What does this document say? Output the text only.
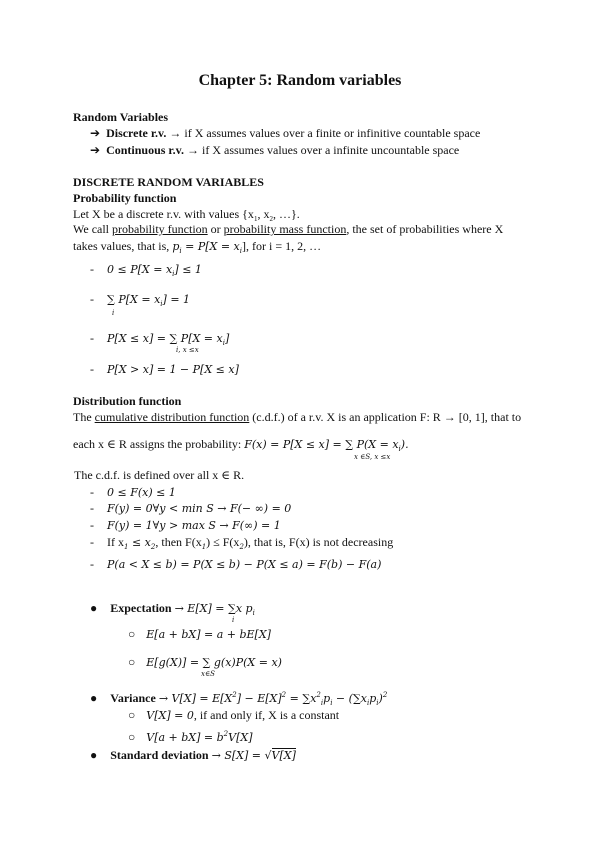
Chapter 5: Random variables
Random Variables
➔ Discrete r.v. → if X assumes values over a finite or infinitive countable space
➔ Continuous r.v. → if X assumes values over a infinite uncountable space
DISCRETE RANDOM VARIABLES
Probability function
Let X be a discrete r.v. with values {$x_1$, $x_2$, …}.
We call probability function or probability mass function, the set of probabilities where X
takes values, that is, $p_i = P[X = x_i]$, for i = 1, 2, …
- $0 \le P[X = x_i] \le 1$
- ∑ $P[X = x_i] = 1$
i
- P[X ≤ x] = ∑ $P[X = x_i]$
i, x ≤x
- P[X > x] = 1 − P[X ≤ x]
Distribution function
The cumulative distribution function (c.d.f.) of a r.v. X is an application F: R → [0, 1], that to
each x ∈ R assigns the probability: F(x) = P[X ≤ x] = ∑ $P(X = x_i)$.
x ∈S, x ≤x
The c.d.f. is defined over all x ∈ R.
- 0 ≤ F(x) ≤ 1
- F(y) = 0∀y < min S → F(− ∞) = 0
- F(y) = 1∀y > max S → F(∞) = 1
- If $x_1 \le x_2$, then $F(x_1) \le F(x_2)$, that is, F(x) is not decreasing
- P(a < X ≤ b) = P(X ≤ b) − P(X ≤ a) = F(b) − F(a)
● Expectation → E[X] = ∑x $p_i$
i
○ E[a + bX] = a + bE[X]
○ E[g(X)] = ∑ g(x)P(X = x)
x∈S
● Variance → $V[X] = E[X^2] - E[X]^2 = \sum x^2_ip_i - (\sum x_ip_i)^2$
○ V[X] = 0, if and only if, X is a constant
○ $V[a + bX] = b^2V[X]$
● Standard deviation → S[X] = √V[X]
